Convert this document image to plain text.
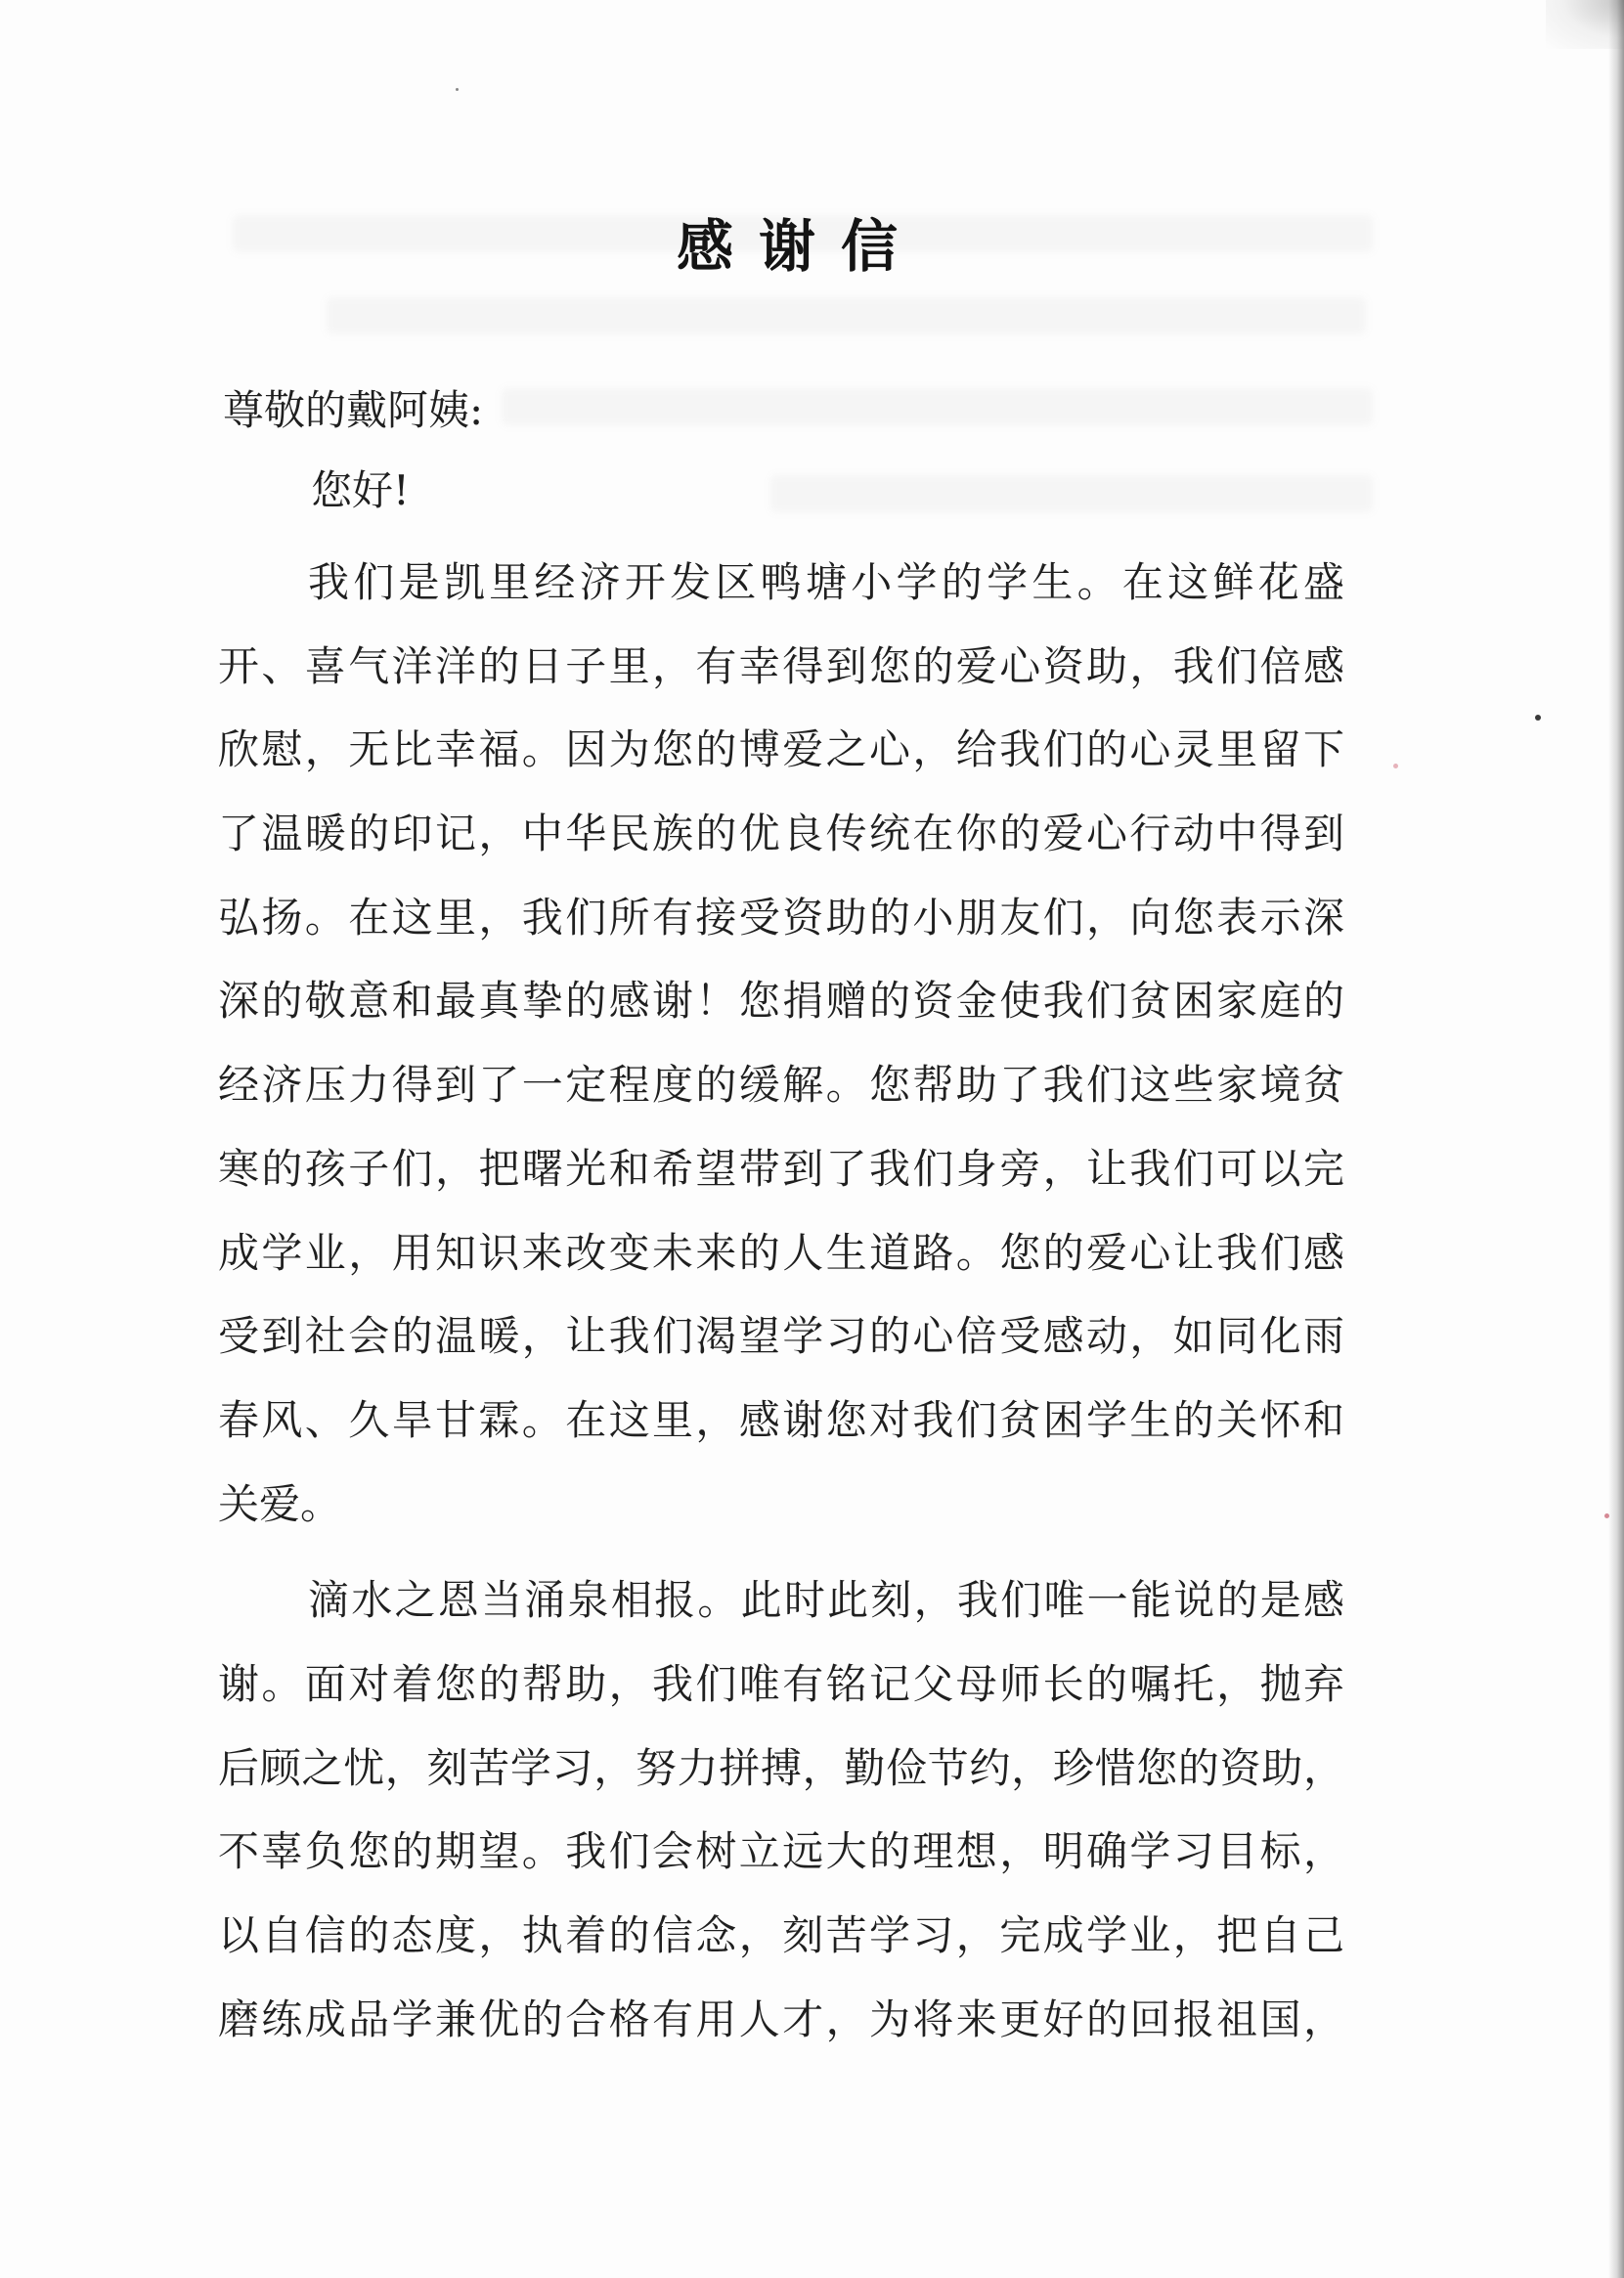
感谢信
尊敬的戴阿姨:
您好!
我们是凯里经济开发区鸭塘小学的学生。在这鲜花盛
开、喜气洋洋的日子里，有幸得到您的爱心资助，我们倍感
欣慰，无比幸福。因为您的博爱之心，给我们的心灵里留下
了温暖的印记，中华民族的优良传统在你的爱心行动中得到
弘扬。在这里，我们所有接受资助的小朋友们，向您表示深
深的敬意和最真挚的感谢！您捐赠的资金使我们贫困家庭的
经济压力得到了一定程度的缓解。您帮助了我们这些家境贫
寒的孩子们，把曙光和希望带到了我们身旁，让我们可以完
成学业，用知识来改变未来的人生道路。您的爱心让我们感
受到社会的温暖，让我们渴望学习的心倍受感动，如同化雨
春风、久旱甘霖。在这里，感谢您对我们贫困学生的关怀和
关爱。
滴水之恩当涌泉相报。此时此刻，我们唯一能说的是感
谢。面对着您的帮助，我们唯有铭记父母师长的嘱托，抛弃
后顾之忧，刻苦学习，努力拼搏，勤俭节约，珍惜您的资助，
不辜负您的期望。我们会树立远大的理想，明确学习目标，
以自信的态度，执着的信念，刻苦学习，完成学业，把自己
磨练成品学兼优的合格有用人才，为将来更好的回报祖国，
